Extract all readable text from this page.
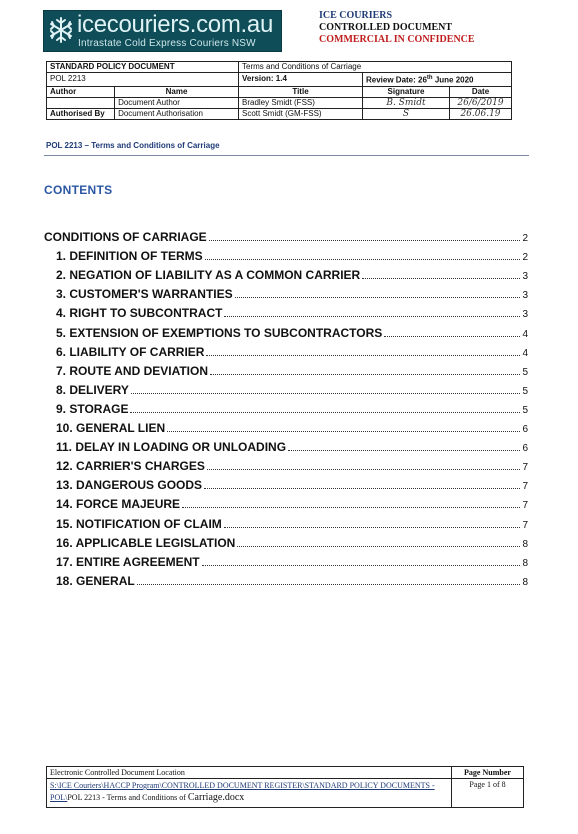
icecouriers.com.au
Intrastate Cold Express Couriers NSW
ICE COURIERS
CONTROLLED DOCUMENT
COMMERCIAL IN CONFIDENCE
STANDARD POLICY DOCUMENT		Terms and Conditions of Carriage		
POL 2213		Version: 1.4	Review Date: 26th June 2020	
Author	Name	Title	Signature	Date
	Document Author	Bradley Smidt (FSS)	B. Smidt	26/6/2019
Authorised By	Document Authorisation	Scott Smidt (GM-FSS)	S	26.06.19
POL 2213 – Terms and Conditions of Carriage
CONTENTS
CONDITIONS OF CARRIAGE	2
1. DEFINITION OF TERMS	2
2. NEGATION OF LIABILITY AS A COMMON CARRIER	3
3. CUSTOMER'S WARRANTIES	3
4. RIGHT TO SUBCONTRACT	3
5. EXTENSION OF EXEMPTIONS TO SUBCONTRACTORS	4
6. LIABILITY OF CARRIER	4
7. ROUTE AND DEVIATION	5
8. DELIVERY	5
9. STORAGE	5
10. GENERAL LIEN	6
11. DELAY IN LOADING OR UNLOADING	6
12. CARRIER'S CHARGES	7
13. DANGEROUS GOODS	7
14. FORCE MAJEURE	7
15. NOTIFICATION OF CLAIM	7
16. APPLICABLE LEGISLATION	8
17. ENTIRE AGREEMENT	8
18. GENERAL	8
Electronic Controlled Document Location	Page Number
S:\ICE Couriers\HACCP Program\CONTROLLED DOCUMENT REGISTER\STANDARD POLICY DOCUMENTS - POL\POL 2213 - Terms and Conditions of Carriage.docx	Page 1 of 8
